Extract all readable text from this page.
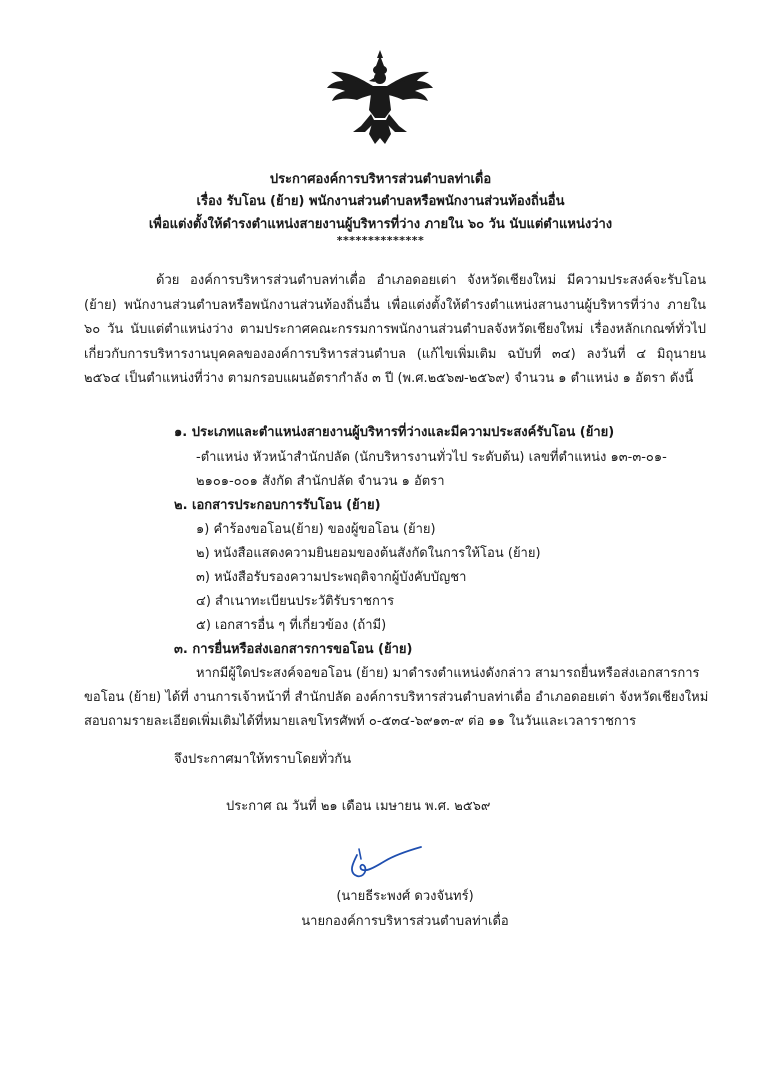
ประกาศองค์การบริหารส่วนตำบลท่าเดื่อ
เรื่อง รับโอน (ย้าย) พนักงานส่วนตำบลหรือพนักงานส่วนท้องถิ่นอื่น
เพื่อแต่งตั้งให้ดำรงตำแหน่งสายงานผู้บริหารที่ว่าง ภายใน ๖๐ วัน นับแต่ตำแหน่งว่าง
**************
ด้วย องค์การบริหารส่วนตำบลท่าเดื่อ อำเภอดอยเต่า จังหวัดเชียงใหม่ มีความประสงค์จะรับโอน (ย้าย) พนักงานส่วนตำบลหรือพนักงานส่วนท้องถิ่นอื่น เพื่อแต่งตั้งให้ดำรงตำแหน่งสานงานผู้บริหารที่ว่าง ภายใน ๖๐ วัน นับแต่ตำแหน่งว่าง ตามประกาศคณะกรรมการพนักงานส่วนตำบลจังหวัดเชียงใหม่ เรื่องหลักเกณฑ์ทั่วไปเกี่ยวกับการบริหารงานบุคคลขององค์การบริหารส่วนตำบล (แก้ไขเพิ่มเติม ฉบับที่ ๓๔) ลงวันที่ ๔ มิถุนายน ๒๕๖๔ เป็นตำแหน่งที่ว่าง ตามกรอบแผนอัตรากำลัง ๓ ปี (พ.ศ.๒๕๖๗-๒๕๖๙) จำนวน ๑ ตำแหน่ง ๑ อัตรา ดังนี้
๑. ประเภทและตำแหน่งสายงานผู้บริหารที่ว่างและมีความประสงค์รับโอน (ย้าย)
-ตำแหน่ง หัวหน้าสำนักปลัด (นักบริหารงานทั่วไป ระดับต้น) เลขที่ตำแหน่ง ๑๓-๓-๐๑-
๒๑๐๑-๐๐๑ สังกัด สำนักปลัด จำนวน ๑ อัตรา
๒. เอกสารประกอบการรับโอน (ย้าย)
๑) คำร้องขอโอน(ย้าย) ของผู้ขอโอน (ย้าย)
๒) หนังสือแสดงความยินยอมของต้นสังกัดในการให้โอน (ย้าย)
๓) หนังสือรับรองความประพฤติจากผู้บังคับบัญชา
๔) สำเนาทะเบียนประวัติรับราชการ
๕) เอกสารอื่น ๆ ที่เกี่ยวข้อง (ถ้ามี)
๓. การยื่นหรือส่งเอกสารการขอโอน (ย้าย)
หากมีผู้ใดประสงค์จอขอโอน (ย้าย) มาดำรงตำแหน่งดังกล่าว สามารถยื่นหรือส่งเอกสารการ
ขอโอน (ย้าย) ได้ที่ งานการเจ้าหน้าที่ สำนักปลัด องค์การบริหารส่วนตำบลท่าเดื่อ อำเภอดอยเต่า จังหวัดเชียงใหม่
สอบถามรายละเอียดเพิ่มเติมได้ที่หมายเลขโทรศัพท์ ๐-๕๓๔-๖๙๑๓-๙ ต่อ ๑๑ ในวันและเวลาราชการ
จึงประกาศมาให้ทราบโดยทั่วกัน
ประกาศ ณ วันที่ ๒๑ เดือน เมษายน พ.ศ. ๒๕๖๙
(นายธีระพงศ์ ดวงจันทร์)
นายกองค์การบริหารส่วนตำบลท่าเดื่อ
